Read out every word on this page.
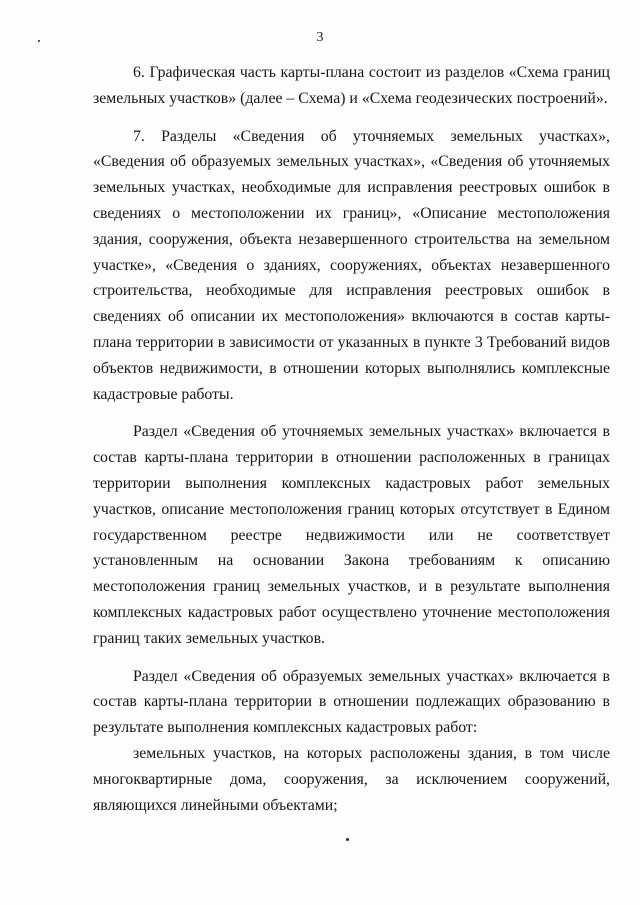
3

6. Графическая часть карты-плана состоит из разделов «Схема границ земельных участков» (далее – Схема) и «Схема геодезических построений».

7. Разделы «Сведения об уточняемых земельных участках», «Сведения об образуемых земельных участках», «Сведения об уточняемых земельных участках, необходимые для исправления реестровых ошибок в сведениях о местоположении их границ», «Описание местоположения здания, сооружения, объекта незавершенного строительства на земельном участке», «Сведения о зданиях, сооружениях, объектах незавершенного строительства, необходимые для исправления реестровых ошибок в сведениях об описании их местоположения» включаются в состав карты-плана территории в зависимости от указанных в пункте 3 Требований видов объектов недвижимости, в отношении которых выполнялись комплексные кадастровые работы.

Раздел «Сведения об уточняемых земельных участках» включается в состав карты-плана территории в отношении расположенных в границах территории выполнения комплексных кадастровых работ земельных участков, описание местоположения границ которых отсутствует в Едином государственном реестре недвижимости или не соответствует установленным на основании Закона требованиям к описанию местоположения границ земельных участков, и в результате выполнения комплексных кадастровых работ осуществлено уточнение местоположения границ таких земельных участков.

Раздел «Сведения об образуемых земельных участках» включается в состав карты-плана территории в отношении подлежащих образованию в результате выполнения комплексных кадастровых работ:

земельных участков, на которых расположены здания, в том числе многоквартирные дома, сооружения, за исключением сооружений, являющихся линейными объектами;
